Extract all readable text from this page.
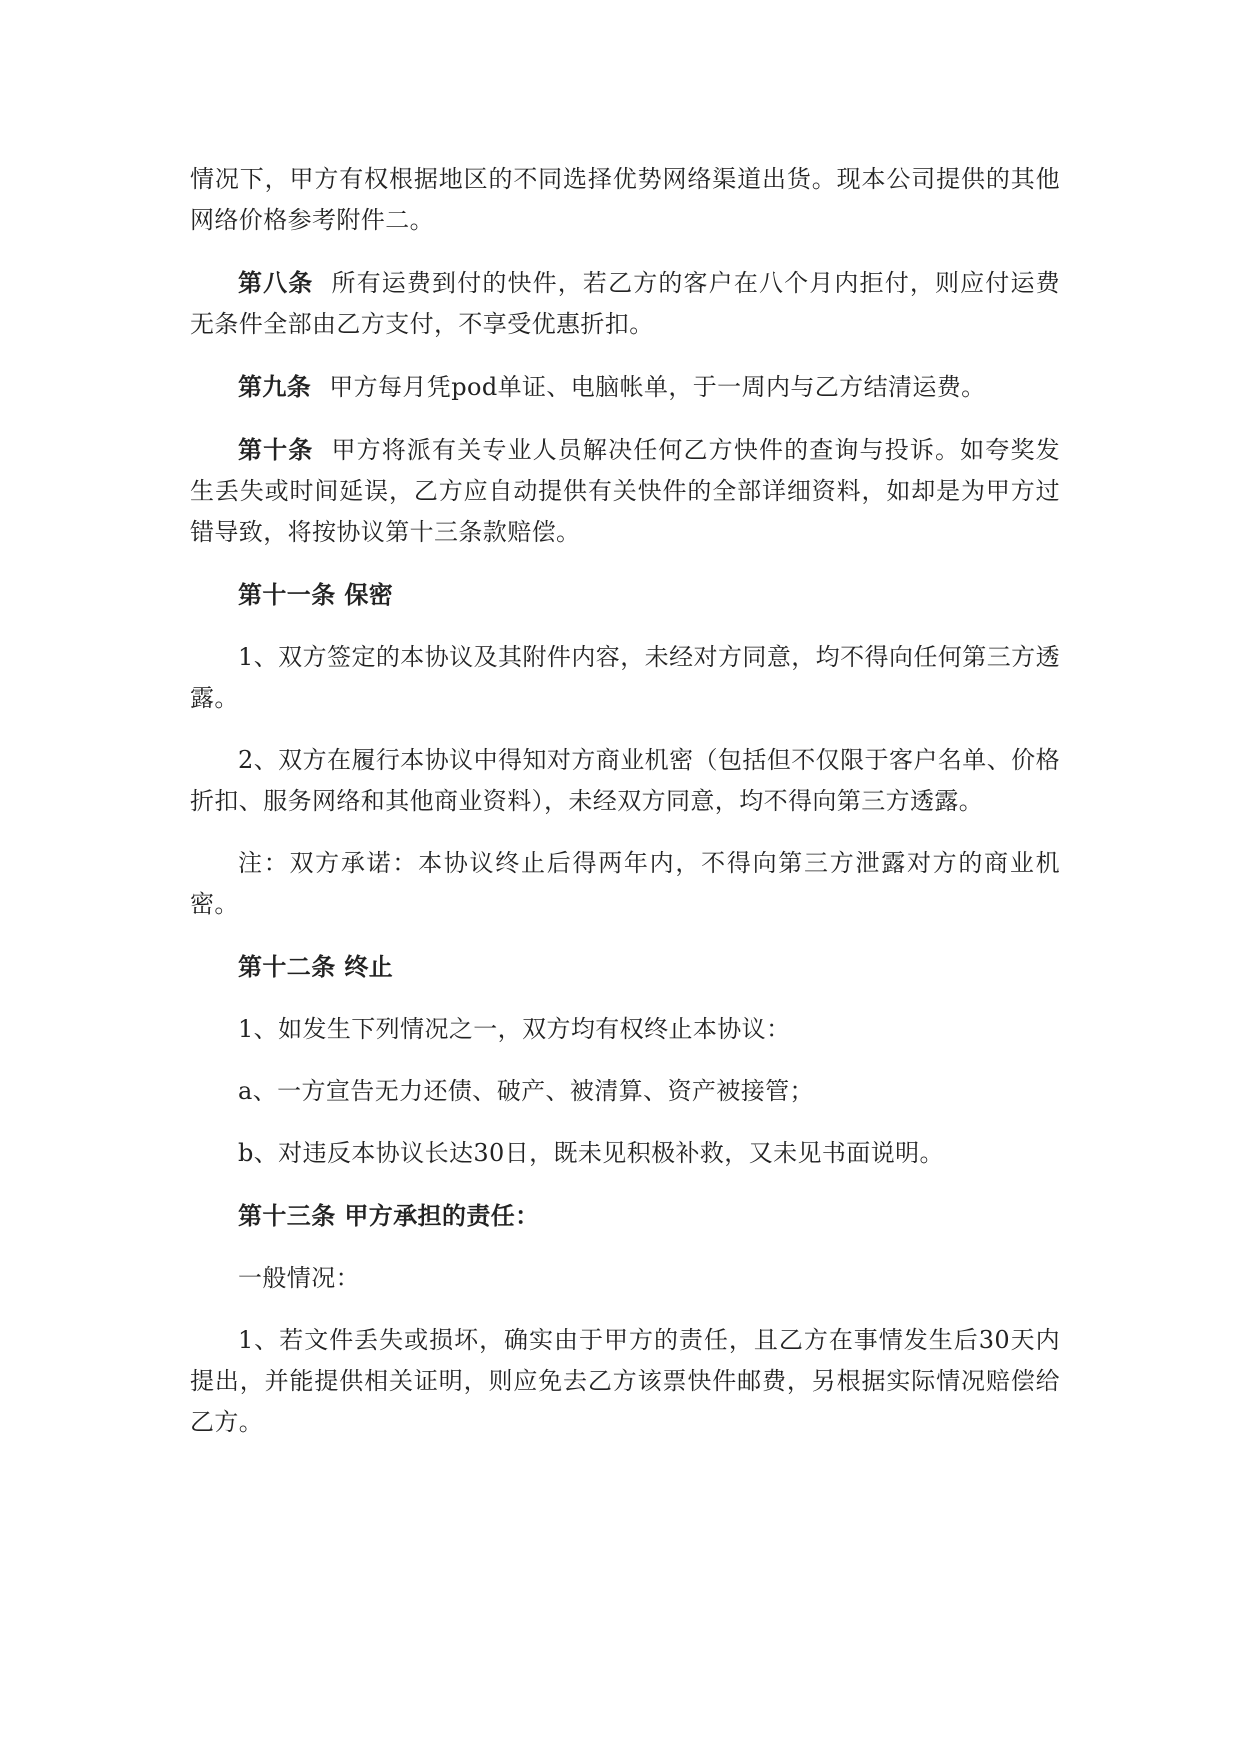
情况下，甲方有权根据地区的不同选择优势网络渠道出货。现本公司提供的其他网络价格参考附件二。

第八条 所有运费到付的快件，若乙方的客户在八个月内拒付，则应付运费无条件全部由乙方支付，不享受优惠折扣。

第九条 甲方每月凭pod单证、电脑帐单，于一周内与乙方结清运费。

第十条 甲方将派有关专业人员解决任何乙方快件的查询与投诉。如夸奖发生丢失或时间延误，乙方应自动提供有关快件的全部详细资料，如却是为甲方过错导致，将按协议第十三条款赔偿。

第十一条 保密

1、双方签定的本协议及其附件内容，未经对方同意，均不得向任何第三方透露。

2、双方在履行本协议中得知对方商业机密（包括但不仅限于客户名单、价格折扣、服务网络和其他商业资料），未经双方同意，均不得向第三方透露。

注：双方承诺：本协议终止后得两年内，不得向第三方泄露对方的商业机密。

第十二条 终止

1、如发生下列情况之一，双方均有权终止本协议：

a、一方宣告无力还债、破产、被清算、资产被接管；

b、对违反本协议长达30日，既未见积极补救，又未见书面说明。

第十三条 甲方承担的责任：

一般情况：

1、若文件丢失或损坏，确实由于甲方的责任，且乙方在事情发生后30天内提出，并能提供相关证明，则应免去乙方该票快件邮费，另根据实际情况赔偿给乙方。
